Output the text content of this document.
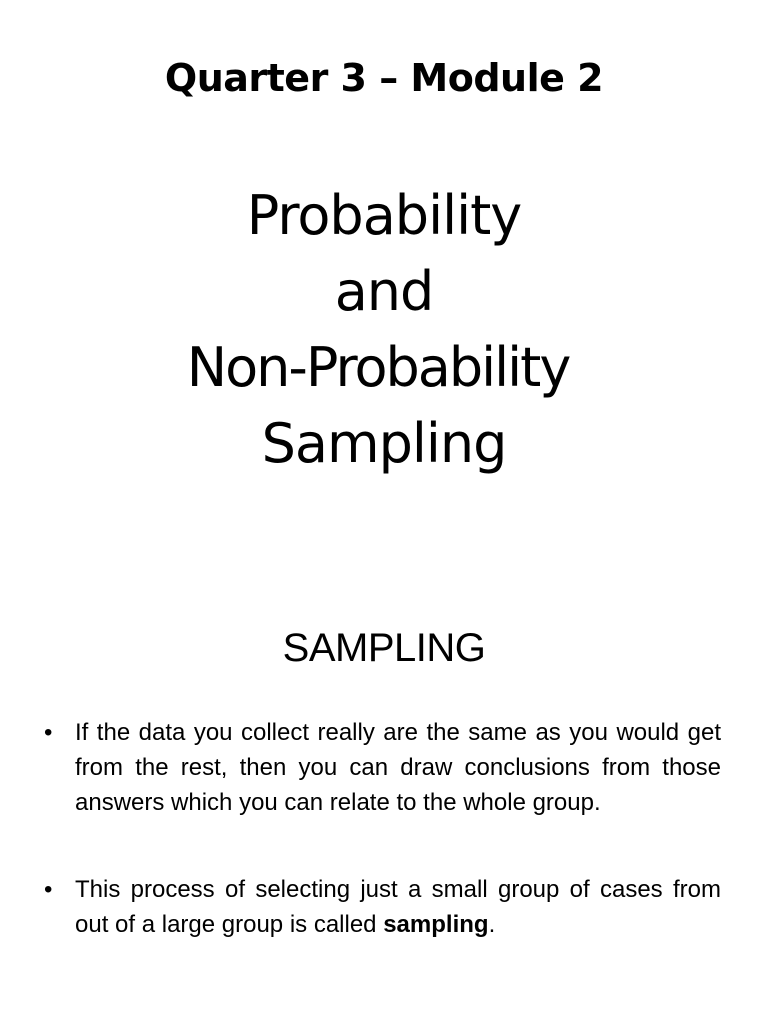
Quarter 3 – Module 2
Probability
and
Non-Probability
Sampling
SAMPLING
• If the data you collect really are the same as you would get from the rest, then you can draw conclusions from those answers which you can relate to the whole group.
• This process of selecting just a small group of cases from out of a large group is called sampling.
